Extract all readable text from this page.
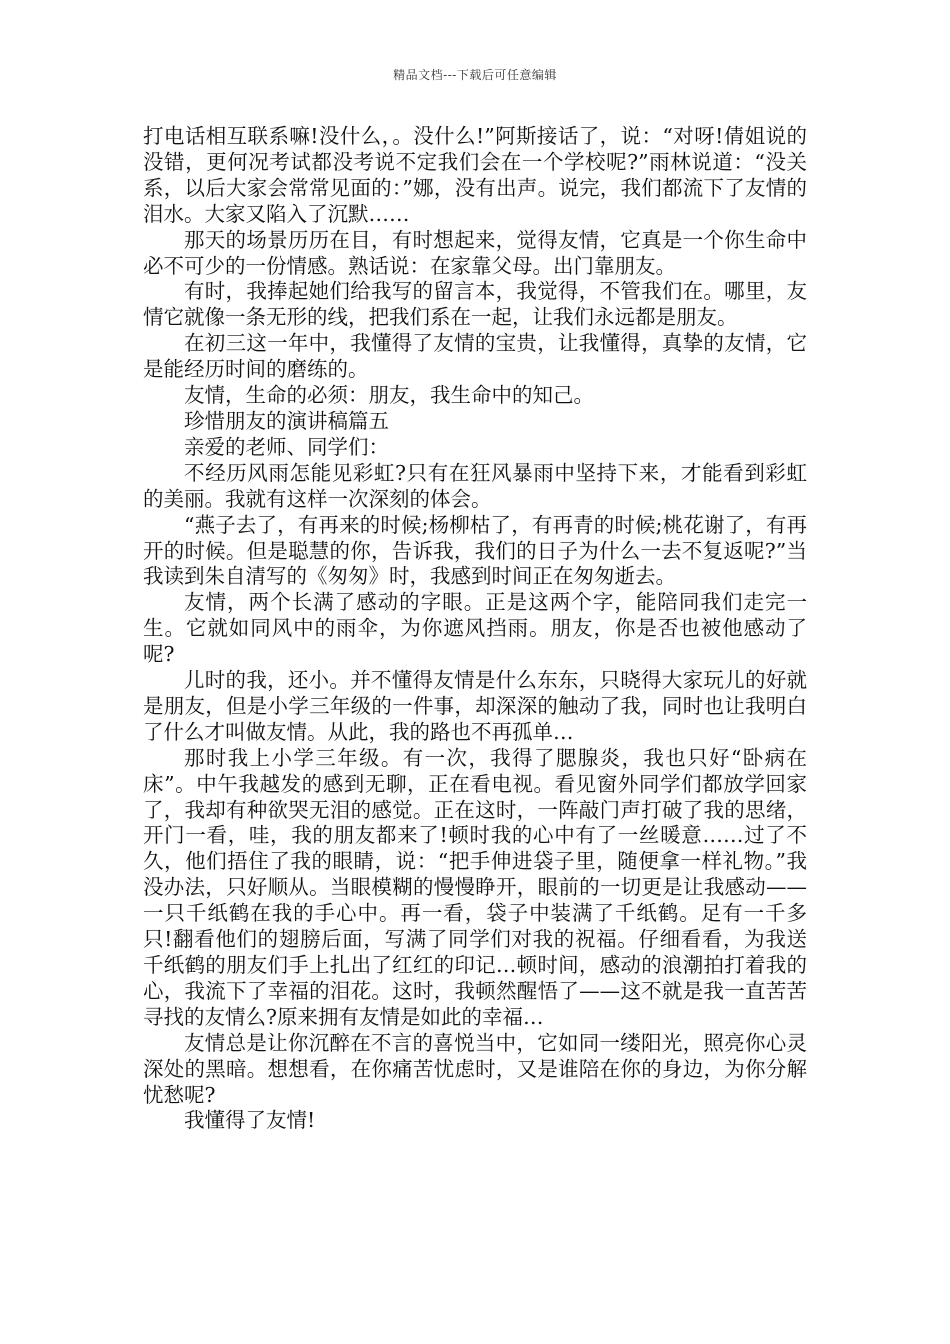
精品文档---下载后可任意编辑

打电话相互联系嘛!没什么，。没什么!”阿斯接话了，说：“对呀!倩姐说的没错，更何况考试都没考说不定我们会在一个学校呢?”雨林说道：“没关系，以后大家会常常见面的：”娜，没有出声。说完，我们都流下了友情的泪水。大家又陷入了沉默……

那天的场景历历在目，有时想起来，觉得友情，它真是一个你生命中必不可少的一份情感。熟话说：在家靠父母。出门靠朋友。

有时，我捧起她们给我写的留言本，我觉得，不管我们在。哪里，友情它就像一条无形的线，把我们系在一起，让我们永远都是朋友。

在初三这一年中，我懂得了友情的宝贵，让我懂得，真挚的友情，它是能经历时间的磨练的。

友情，生命的必须：朋友，我生命中的知己。

珍惜朋友的演讲稿篇五

亲爱的老师、同学们：

不经历风雨怎能见彩虹?只有在狂风暴雨中坚持下来，才能看到彩虹的美丽。我就有这样一次深刻的体会。

“燕子去了，有再来的时候;杨柳枯了，有再青的时候;桃花谢了，有再开的时候。但是聪慧的你，告诉我，我们的日子为什么一去不复返呢?”当我读到朱自清写的《匆匆》时，我感到时间正在匆匆逝去。

友情，两个长满了感动的字眼。正是这两个字，能陪同我们走完一生。它就如同风中的雨伞，为你遮风挡雨。朋友，你是否也被他感动了呢?

儿时的我，还小。并不懂得友情是什么东东，只晓得大家玩儿的好就是朋友，但是小学三年级的一件事，却深深的触动了我，同时也让我明白了什么才叫做友情。从此，我的路也不再孤单…

那时我上小学三年级。有一次，我得了腮腺炎，我也只好“卧病在床”。中午我越发的感到无聊，正在看电视。看见窗外同学们都放学回家了，我却有种欲哭无泪的感觉。正在这时，一阵敲门声打破了我的思绪，开门一看，哇，我的朋友都来了!顿时我的心中有了一丝暖意……过了不久，他们捂住了我的眼睛，说：“把手伸进袋子里，随便拿一样礼物。”我没办法，只好顺从。当眼模糊的慢慢睁开，眼前的一切更是让我感动——一只千纸鹤在我的手心中。再一看，袋子中装满了千纸鹤。足有一千多只!翻看他们的翅膀后面，写满了同学们对我的祝福。仔细看看，为我送千纸鹤的朋友们手上扎出了红红的印记…顿时间，感动的浪潮拍打着我的心，我流下了幸福的泪花。这时，我顿然醒悟了——这不就是我一直苦苦寻找的友情么?原来拥有友情是如此的幸福…

友情总是让你沉醉在不言的喜悦当中，它如同一缕阳光，照亮你心灵深处的黑暗。想想看，在你痛苦忧虑时，又是谁陪在你的身边，为你分解忧愁呢?

我懂得了友情!
